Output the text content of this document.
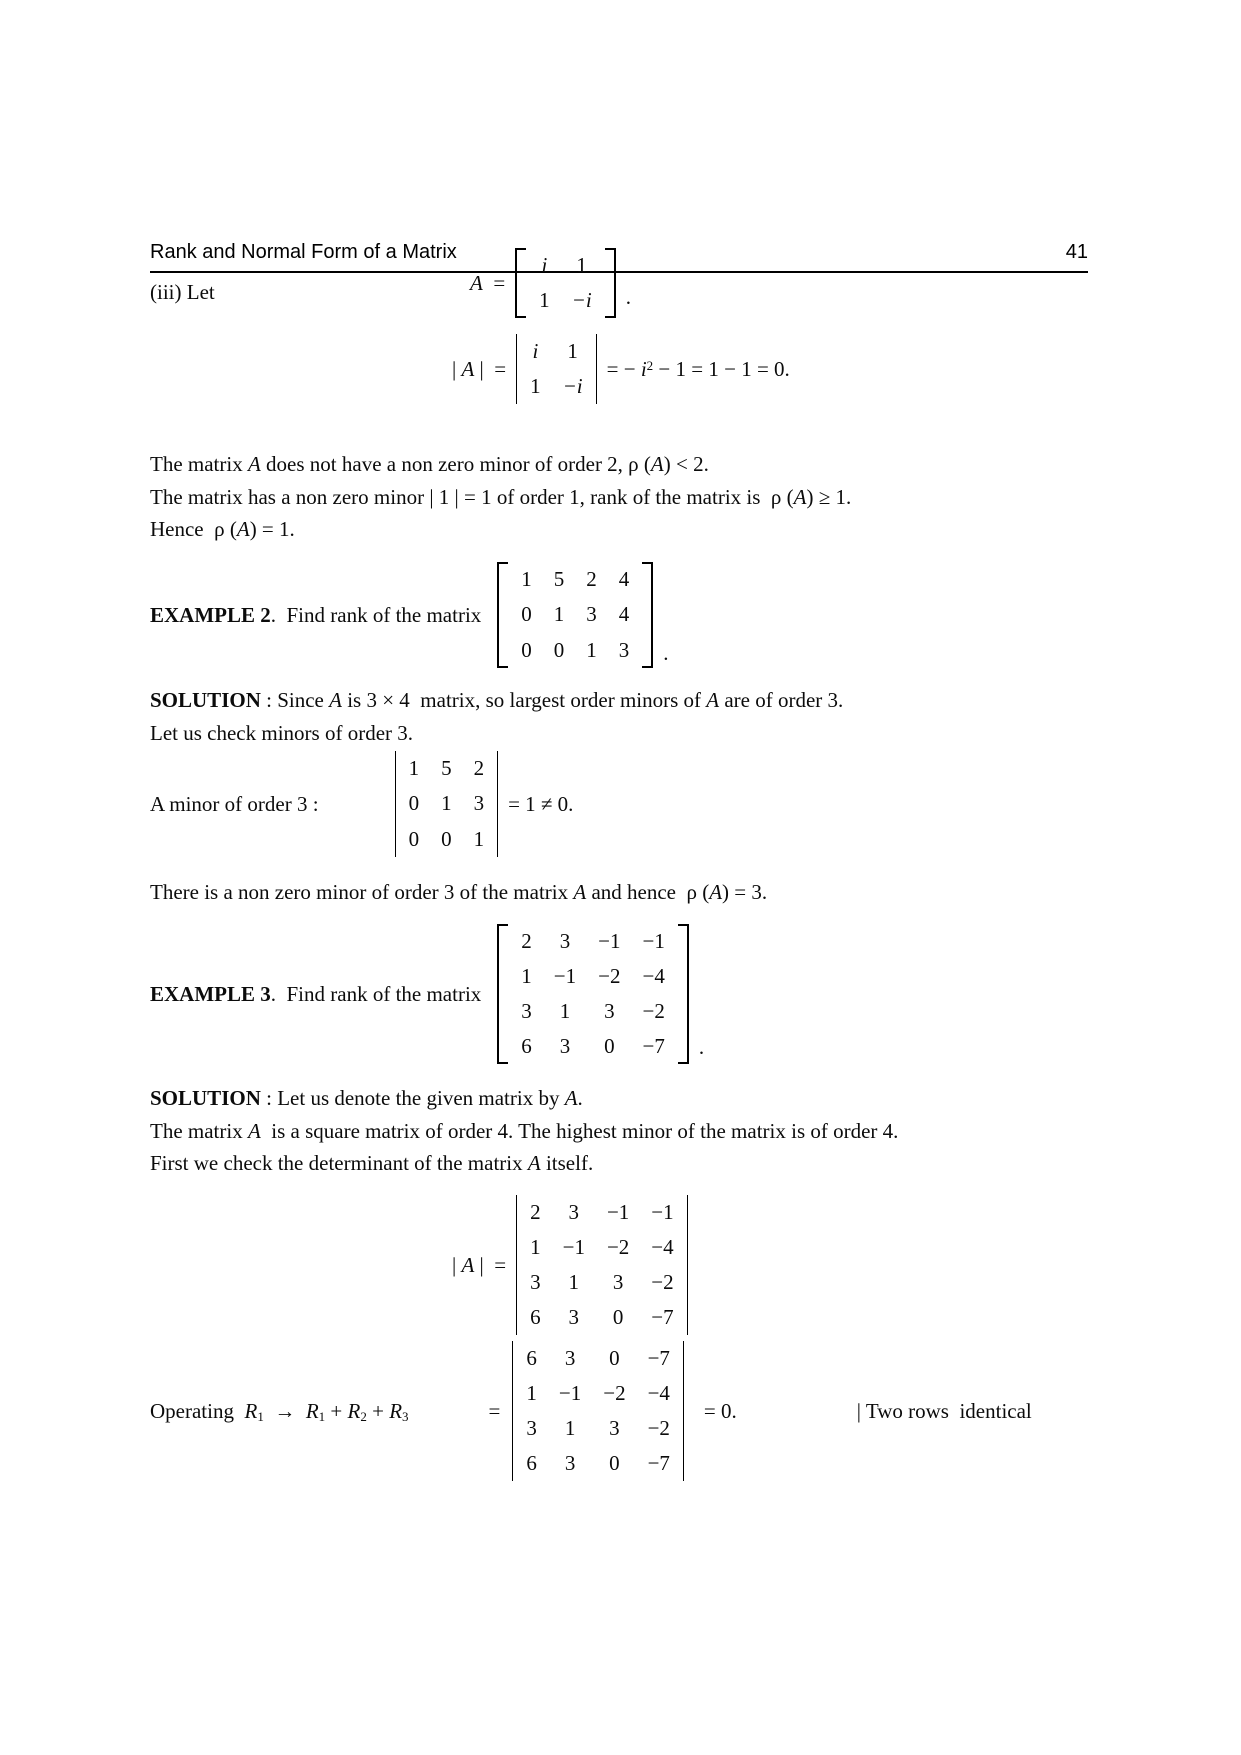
Rank and Normal Form of a Matrix	41
(iii) Let	A  =
i 1
1 −i .
| A |  =
i 1
1 −i
= − $i^2 - 1 = 1 - 1 = 0$.
The matrix A does not have a non zero minor of order 2, ρ (A) < 2.
The matrix has a non zero minor | 1 | = 1 of order 1, rank of the matrix is  ρ (A) ≥ 1.
Hence  ρ (A) = 1.
EXAMPLE 2.  Find rank of the matrix
1 5 2 4
0 1 3 4
0 0 1 3 .
SOLUTION : Since A is 3 × 4  matrix, so largest order minors of A are of order 3.
Let us check minors of order 3.
A minor of order 3 :
1 5 2
0 1 3
0 0 1
= 1 ≠ 0.
There is a non zero minor of order 3 of the matrix A and hence  ρ (A) = 3.
EXAMPLE 3.  Find rank of the matrix
2 3 −1 −1
1 −1 −2 −4
3 1 3 −2
6 3 0 −7 .
SOLUTION : Let us denote the given matrix by A.
The matrix A  is a square matrix of order 4. The highest minor of the matrix is of order 4.
First we check the determinant of the matrix A itself.
| A |  =
2 3 −1 −1
1 −1 −2 −4
3 1 3 −2
6 3 0 −7
Operating  R1  →  R1 + R2 + R3	=
6 3 0 −7
1 −1 −2 −4
3 1 3 −2
6 3 0 −7
= 0.	| Two rows  identical
